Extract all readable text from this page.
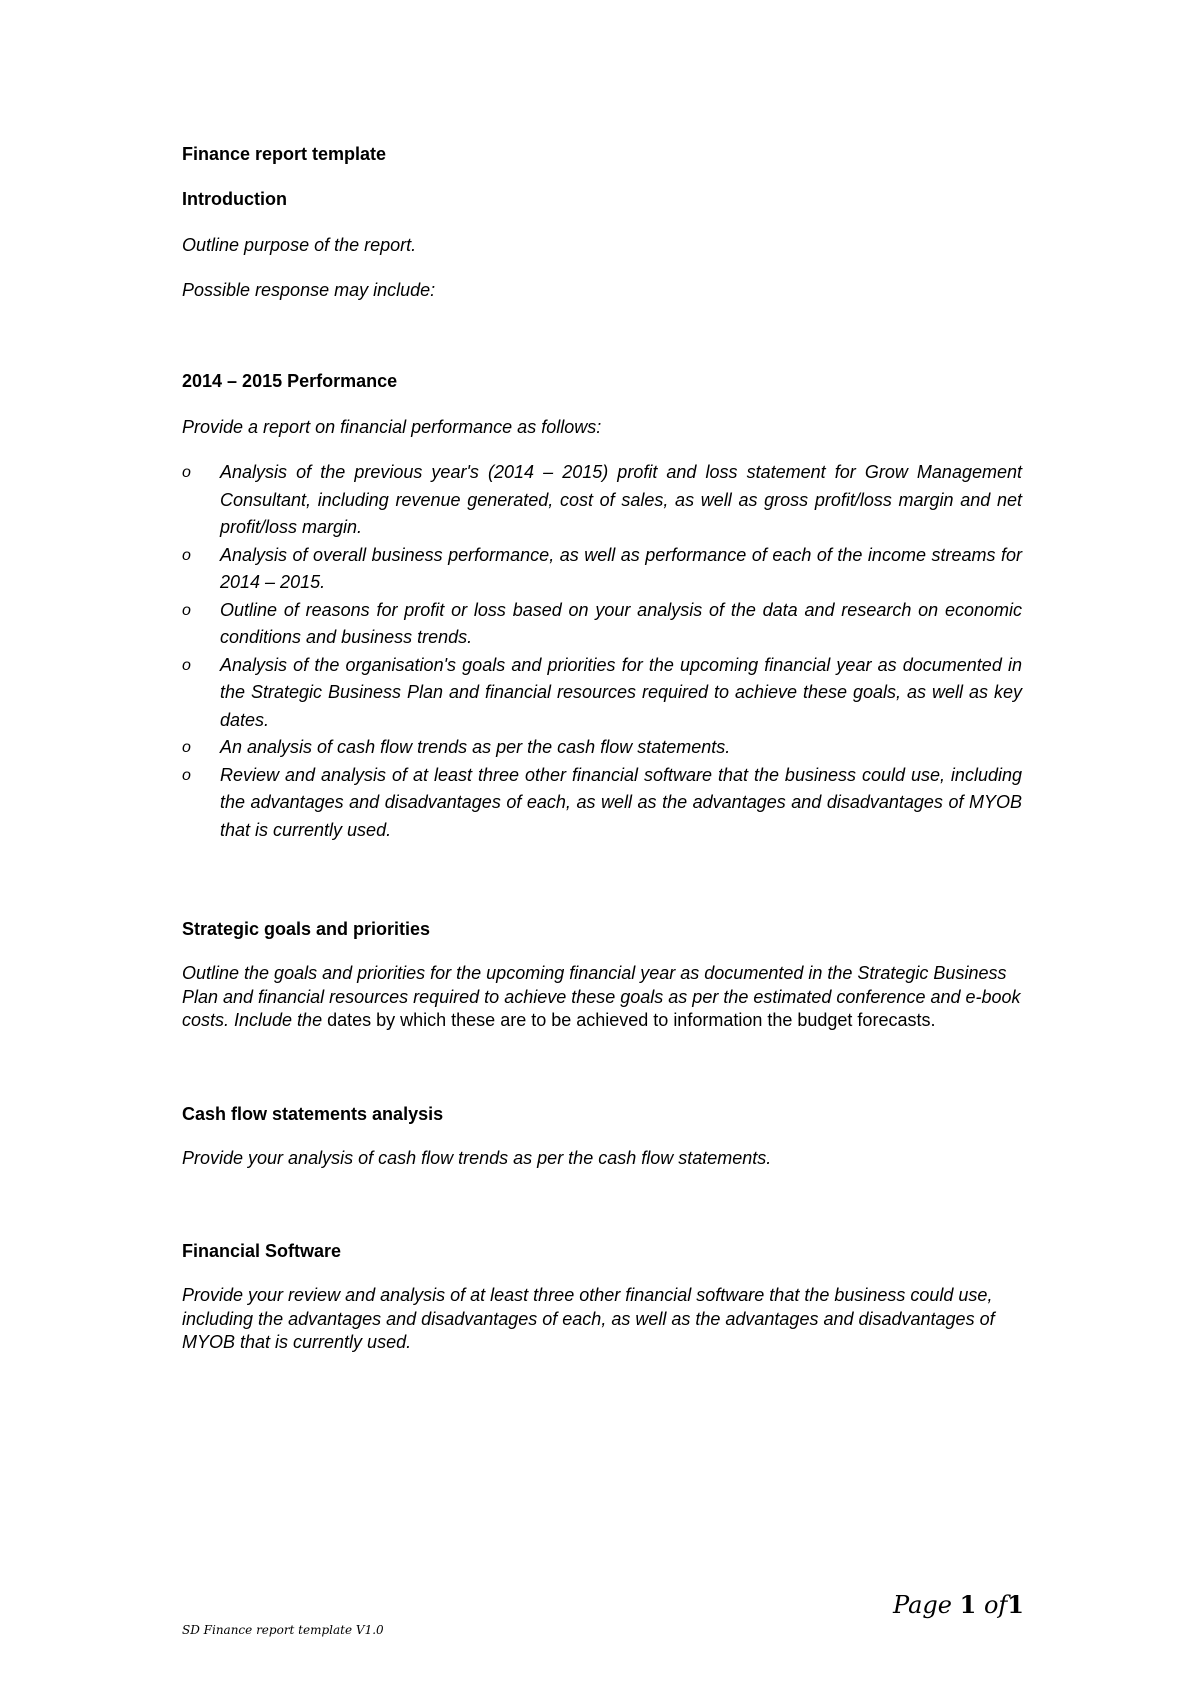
Finance report template

Introduction

Outline purpose of the report.

Possible response may include:

2014 – 2015 Performance

Provide a report on financial performance as follows:

o Analysis of the previous year's (2014 – 2015) profit and loss statement for Grow Management Consultant, including revenue generated, cost of sales, as well as gross profit/loss margin and net profit/loss margin.
o Analysis of overall business performance, as well as performance of each of the income streams for 2014 – 2015.
o Outline of reasons for profit or loss based on your analysis of the data and research on economic conditions and business trends.
o Analysis of the organisation's goals and priorities for the upcoming financial year as documented in the Strategic Business Plan and financial resources required to achieve these goals, as well as key dates.
o An analysis of cash flow trends as per the cash flow statements.
o Review and analysis of at least three other financial software that the business could use, including the advantages and disadvantages of each, as well as the advantages and disadvantages of MYOB that is currently used.

Strategic goals and priorities

Outline the goals and priorities for the upcoming financial year as documented in the Strategic Business Plan and financial resources required to achieve these goals as per the estimated conference and e-book costs. Include the dates by which these are to be achieved to information the budget forecasts.

Cash flow statements analysis

Provide your analysis of cash flow trends as per the cash flow statements.

Financial Software

Provide your review and analysis of at least three other financial software that the business could use, including the advantages and disadvantages of each, as well as the advantages and disadvantages of MYOB that is currently used.

Page 1 of1
SD Finance report template V1.0
